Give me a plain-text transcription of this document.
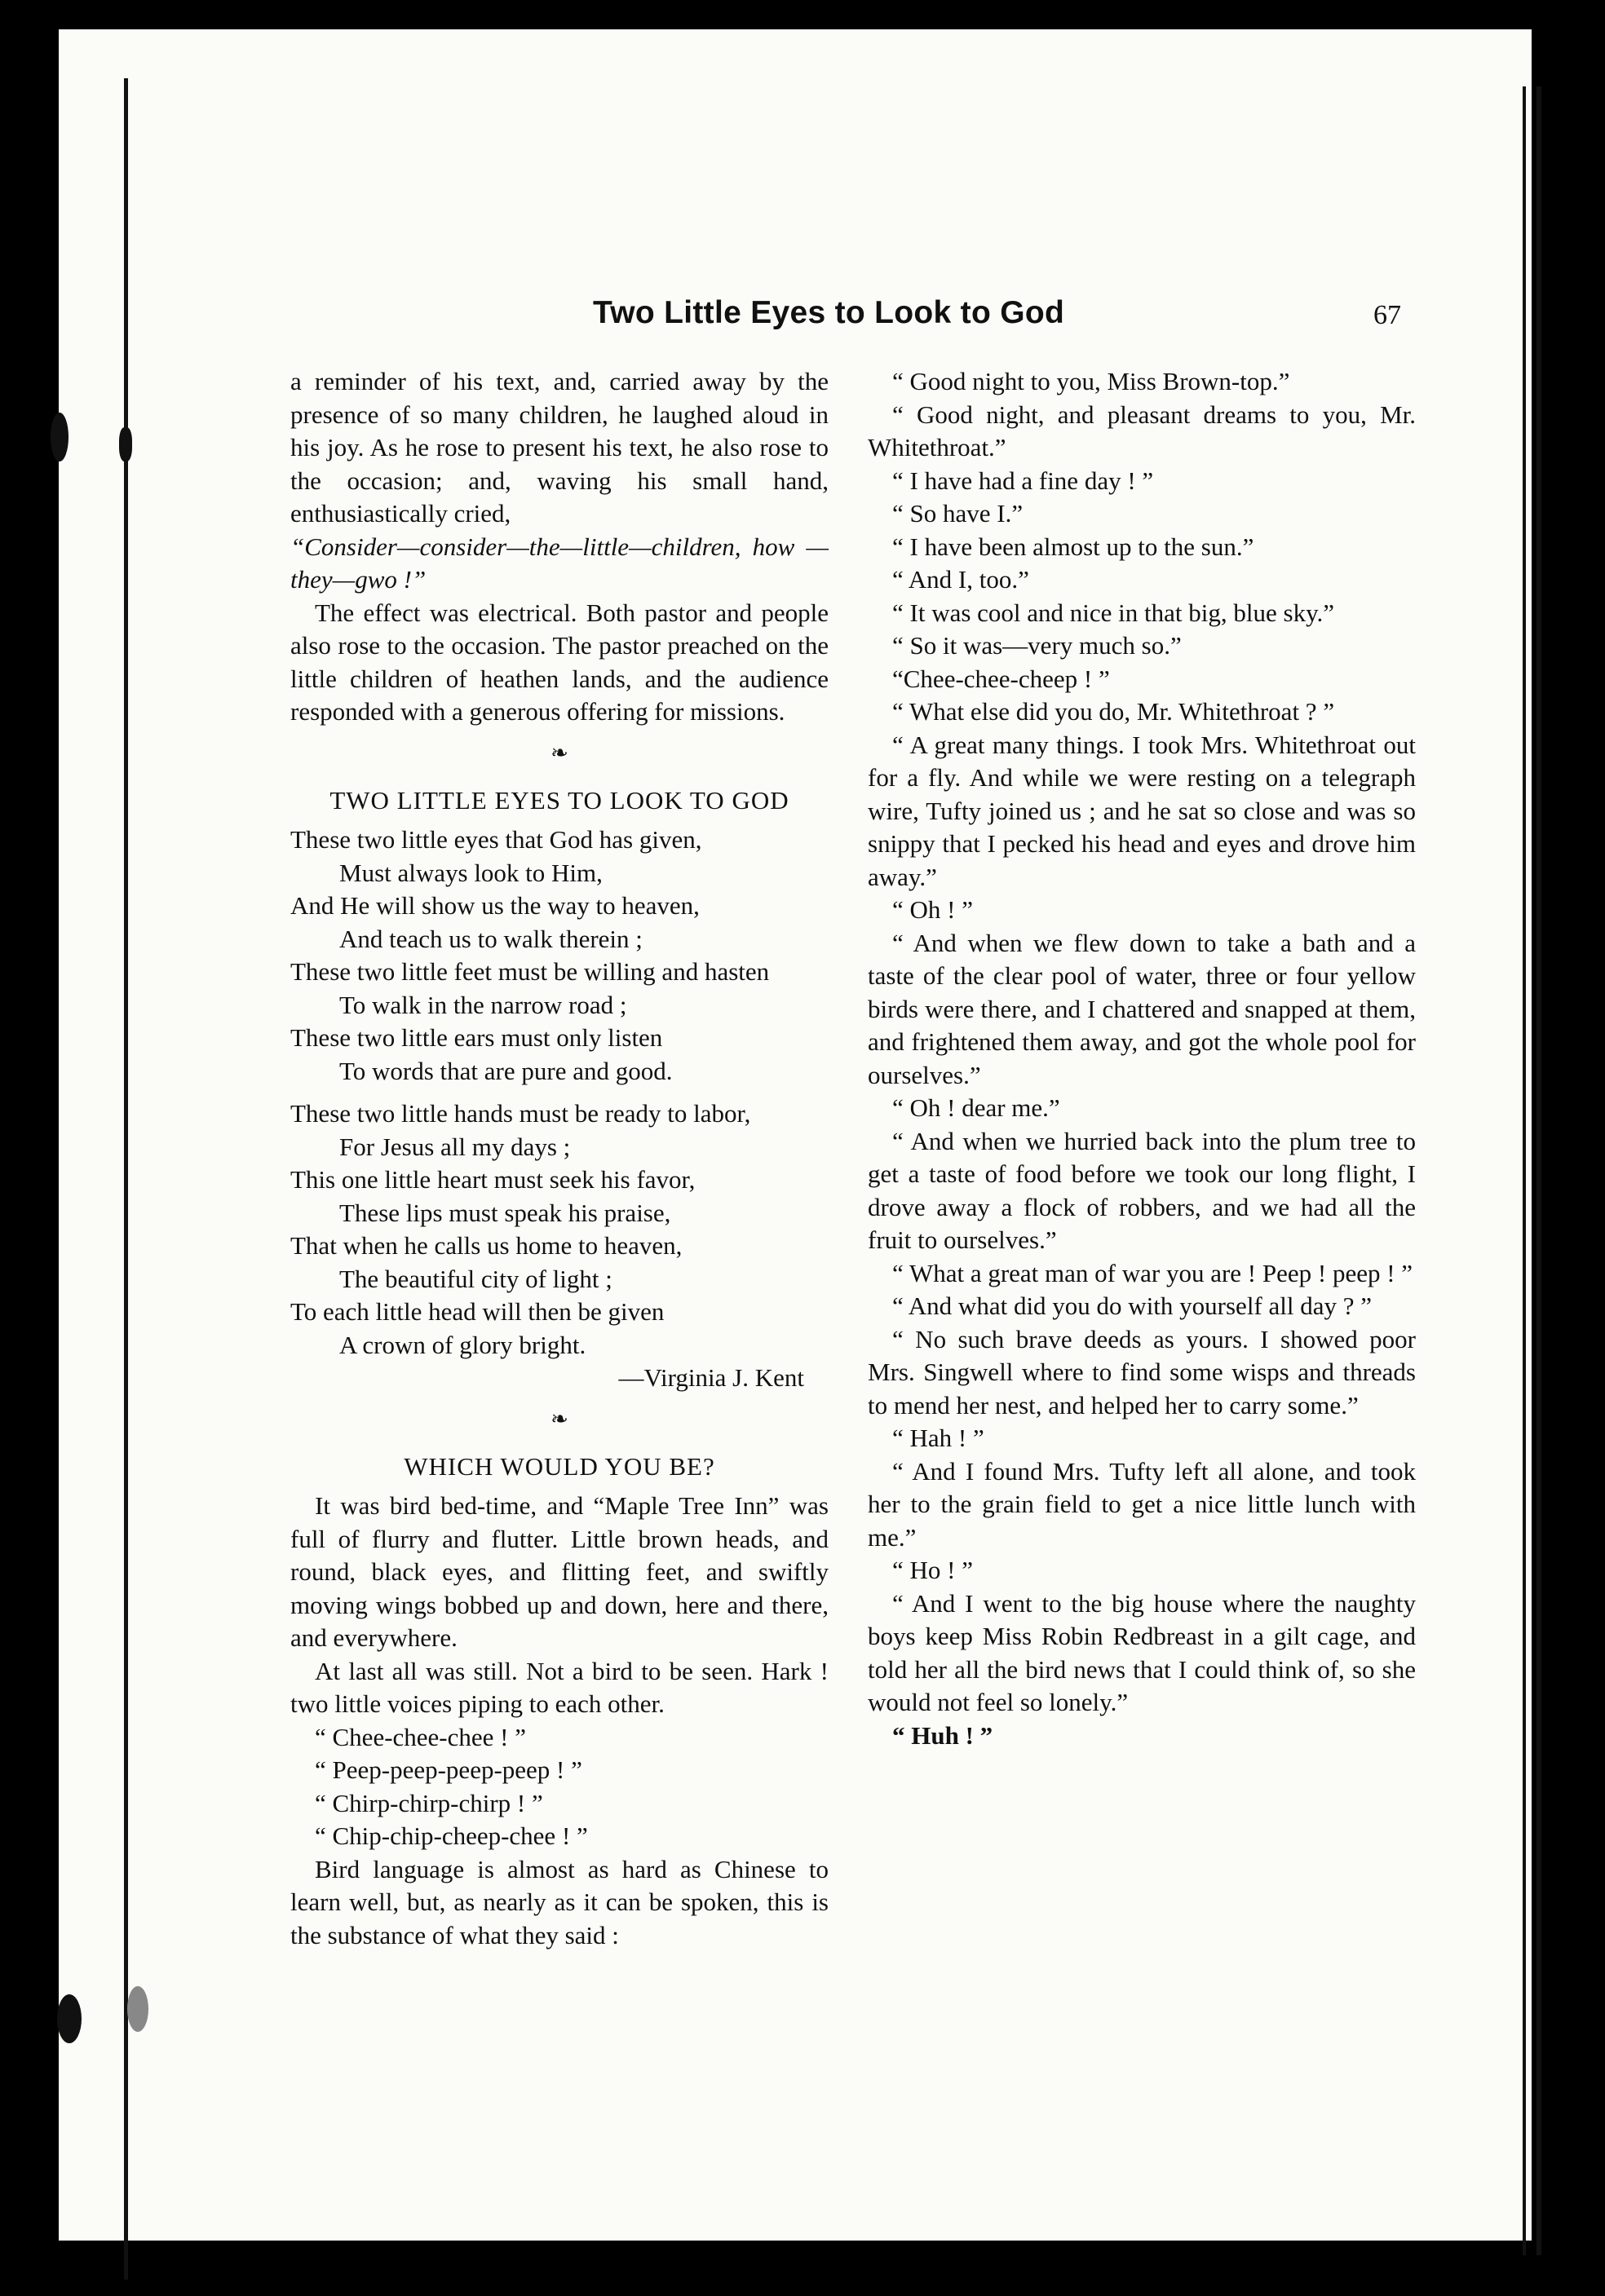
Two Little Eyes to Look to God	67

a reminder of his text, and, carried away by the presence of so many children, he laughed aloud in his joy. As he rose to present his text, he also rose to the occasion; and, waving his small hand, enthusiastically cried,

“Consider—consider—the—little—children, how —they—gwo !”

The effect was electrical. Both pastor and people also rose to the occasion. The pastor preached on the little children of heathen lands, and the audience responded with a generous offering for missions.

❧

TWO LITTLE EYES TO LOOK TO GOD

These two little eyes that God has given,

Must always look to Him,

And He will show us the way to heaven,

And teach us to walk therein ;

These two little feet must be willing and hasten

To walk in the narrow road ;

These two little ears must only listen

To words that are pure and good.

These two little hands must be ready to labor,

For Jesus all my days ;

This one little heart must seek his favor,

These lips must speak his praise,

That when he calls us home to heaven,

The beautiful city of light ;

To each little head will then be given

A crown of glory bright.

—Virginia J. Kent

❧

WHICH WOULD YOU BE?

It was bird bed-time, and “Maple Tree Inn” was full of flurry and flutter. Little brown heads, and round, black eyes, and flitting feet, and swiftly moving wings bobbed up and down, here and there, and everywhere.

At last all was still. Not a bird to be seen. Hark ! two little voices piping to each other.

“ Chee-chee-chee ! ”

“ Peep-peep-peep-peep ! ”

“ Chirp-chirp-chirp ! ”

“ Chip-chip-cheep-chee ! ”

Bird language is almost as hard as Chinese to learn well, but, as nearly as it can be spoken, this is the substance of what they said :

“ Good night to you, Miss Brown-top.”

“ Good night, and pleasant dreams to you, Mr. Whitethroat.”

“ I have had a fine day ! ”

“ So have I.”

“ I have been almost up to the sun.”

“ And I, too.”

“ It was cool and nice in that big, blue sky.”

“ So it was—very much so.”

“Chee-chee-cheep ! ”

“ What else did you do, Mr. Whitethroat ? ”

“ A great many things. I took Mrs. Whitethroat out for a fly. And while we were resting on a telegraph wire, Tufty joined us ; and he sat so close and was so snippy that I pecked his head and eyes and drove him away.”

“ Oh ! ”

“ And when we flew down to take a bath and a taste of the clear pool of water, three or four yellow birds were there, and I chattered and snapped at them, and frightened them away, and got the whole pool for ourselves.”

“ Oh ! dear me.”

“ And when we hurried back into the plum tree to get a taste of food before we took our long flight, I drove away a flock of robbers, and we had all the fruit to ourselves.”

“ What a great man of war you are ! Peep ! peep ! ”

“ And what did you do with yourself all day ? ”

“ No such brave deeds as yours. I showed poor Mrs. Singwell where to find some wisps and threads to mend her nest, and helped her to carry some.”

“ Hah ! ”

“ And I found Mrs. Tufty left all alone, and took her to the grain field to get a nice little lunch with me.”

“ Ho ! ”

“ And I went to the big house where the naughty boys keep Miss Robin Redbreast in a gilt cage, and told her all the bird news that I could think of, so she would not feel so lonely.”

“ Huh ! ”
